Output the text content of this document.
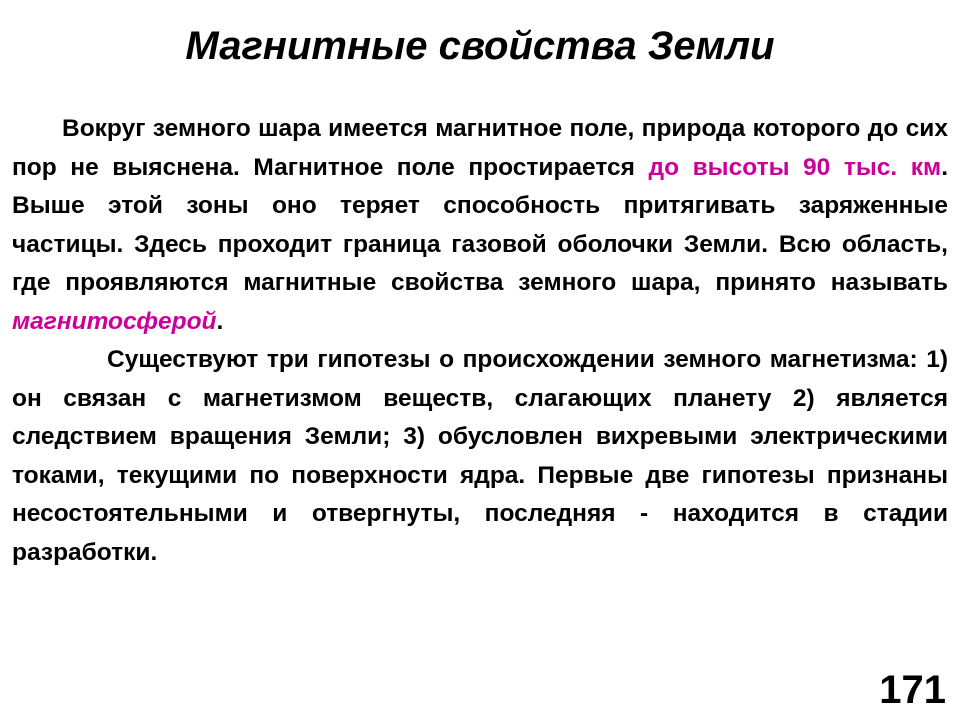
Магнитные свойства Земли

Вокруг земного шара имеется магнитное поле, природа которого до сих пор не выяснена. Магнитное поле простирается до высоты 90 тыс. км. Выше этой зоны оно теряет способность притягивать заряженные частицы. Здесь проходит граница газовой оболочки Земли. Всю область, где проявляются магнитные свойства земного шара, принято называть магнитосферой.

Существуют три гипотезы о происхождении земного магнетизма: 1) он связан с магнетизмом веществ, слагающих планету 2) является следствием вращения Земли; 3) обусловлен вихревыми электрическими токами, текущими по поверхности ядра. Первые две гипотезы признаны несостоятельными и отвергнуты, последняя - находится в стадии разработки.

171
